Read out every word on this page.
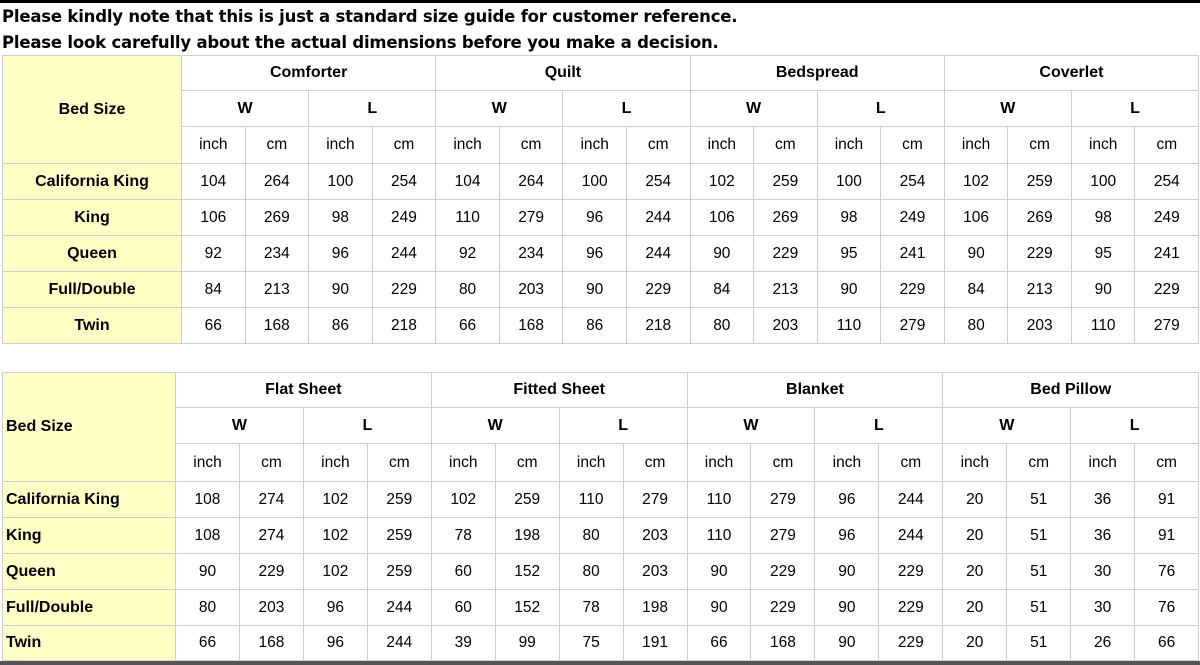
Please kindly note that this is just a standard size guide for customer reference.
Please look carefully about the actual dimensions before you make a decision.
Bed Size	Comforter				Quilt				Bedspread				Coverlet			
	W		L		W		L		W		L		W		L	
	inch	cm	inch	cm	inch	cm	inch	cm	inch	cm	inch	cm	inch	cm	inch	cm
California King	104	264	100	254	104	264	100	254	102	259	100	254	102	259	100	254
King	106	269	98	249	110	279	96	244	106	269	98	249	106	269	98	249
Queen	92	234	96	244	92	234	96	244	90	229	95	241	90	229	95	241
Full/Double	84	213	90	229	80	203	90	229	84	213	90	229	84	213	90	229
Twin	66	168	86	218	66	168	86	218	80	203	110	279	80	203	110	279
Bed Size	Flat Sheet				Fitted Sheet				Blanket				Bed Pillow			
	W		L		W		L		W		L		W		L	
	inch	cm	inch	cm	inch	cm	inch	cm	inch	cm	inch	cm	inch	cm	inch	cm
California King	108	274	102	259	102	259	110	279	110	279	96	244	20	51	36	91
King	108	274	102	259	78	198	80	203	110	279	96	244	20	51	36	91
Queen	90	229	102	259	60	152	80	203	90	229	90	229	20	51	30	76
Full/Double	80	203	96	244	60	152	78	198	90	229	90	229	20	51	30	76
Twin	66	168	96	244	39	99	75	191	66	168	90	229	20	51	26	66
